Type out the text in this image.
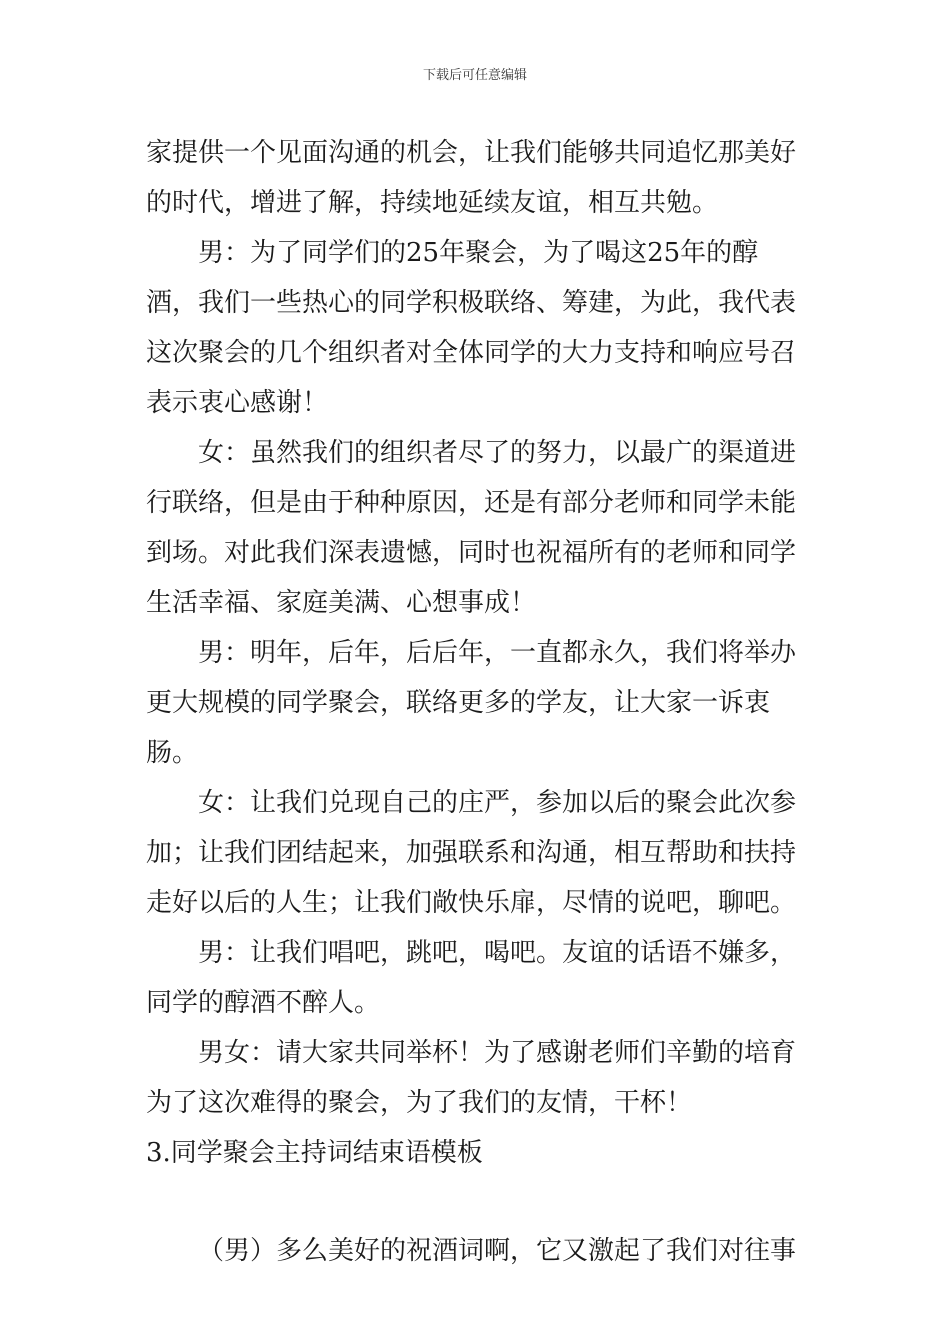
下载后可任意编辑

家提供一个见面沟通的机会，让我们能够共同追忆那美好的时代，增进了解，持续地延续友谊，相互共勉。

男：为了同学们的25年聚会，为了喝这25年的醇酒，我们一些热心的同学积极联络、筹建，为此，我代表这次聚会的几个组织者对全体同学的大力支持和响应号召表示衷心感谢！

女：虽然我们的组织者尽了的努力，以最广的渠道进行联络，但是由于种种原因，还是有部分老师和同学未能到场。对此我们深表遗憾，同时也祝福所有的老师和同学生活幸福、家庭美满、心想事成！

男：明年，后年，后后年，一直都永久，我们将举办更大规模的同学聚会，联络更多的学友，让大家一诉衷肠。

女：让我们兑现自己的庄严，参加以后的聚会此次参加；让我们团结起来，加强联系和沟通，相互帮助和扶持走好以后的人生；让我们敞快乐扉，尽情的说吧，聊吧。

男：让我们唱吧，跳吧，喝吧。友谊的话语不嫌多，同学的醇酒不醉人。

男女：请大家共同举杯！为了感谢老师们辛勤的培育为了这次难得的聚会，为了我们的友情，干杯！

3.同学聚会主持词结束语模板

（男）多么美好的祝酒词啊，它又激起了我们对往事
